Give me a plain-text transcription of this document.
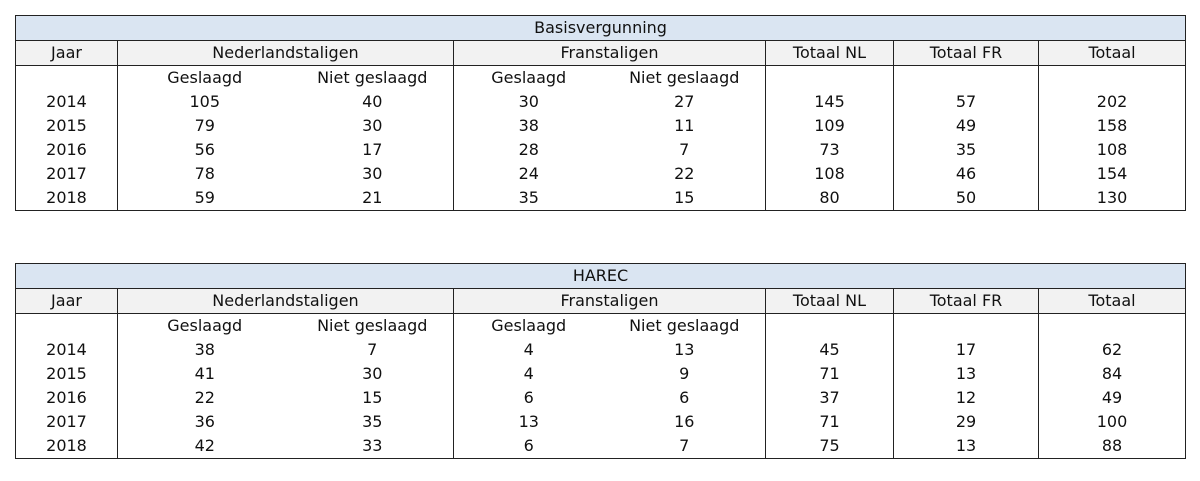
Basisvergunning							
Jaar	Nederlandstaligen		Franstaligen		Totaal NL	Totaal FR	Totaal
	Geslaagd	Niet geslaagd	Geslaagd	Niet geslaagd			
2014	105	40	30	27	145	57	202
2015	79	30	38	11	109	49	158
2016	56	17	28	7	73	35	108
2017	78	30	24	22	108	46	154
2018	59	21	35	15	80	50	130
HAREC							
Jaar	Nederlandstaligen		Franstaligen		Totaal NL	Totaal FR	Totaal
	Geslaagd	Niet geslaagd	Geslaagd	Niet geslaagd			
2014	38	7	4	13	45	17	62
2015	41	30	4	9	71	13	84
2016	22	15	6	6	37	12	49
2017	36	35	13	16	71	29	100
2018	42	33	6	7	75	13	88
